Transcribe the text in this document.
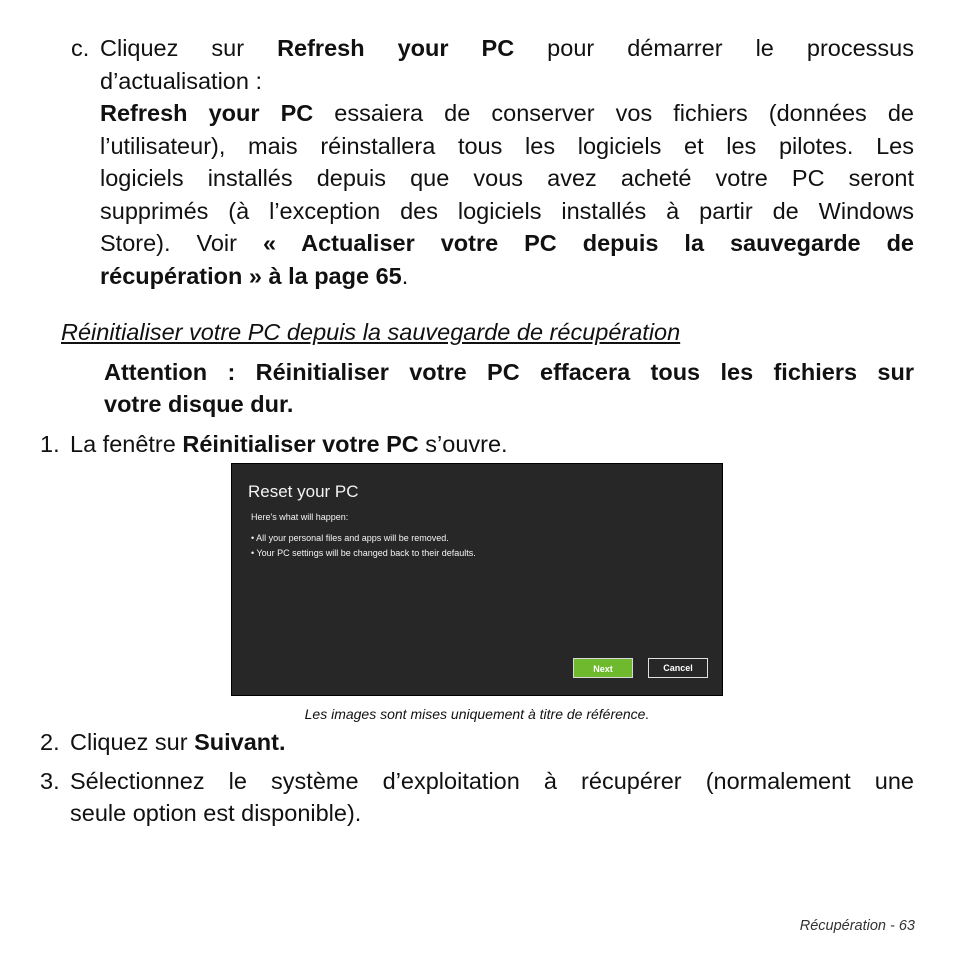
c. Cliquez sur Refresh your PC pour démarrer le processus
d’actualisation :
Refresh your PC essaiera de conserver vos fichiers (données de
l’utilisateur), mais réinstallera tous les logiciels et les pilotes. Les
logiciels installés depuis que vous avez acheté votre PC seront
supprimés (à l’exception des logiciels installés à partir de Windows
Store). Voir « Actualiser votre PC depuis la sauvegarde de
récupération » à la page 65.
Réinitialiser votre PC depuis la sauvegarde de récupération
Attention : Réinitialiser votre PC effacera tous les fichiers sur
votre disque dur.
1. La fenêtre Réinitialiser votre PC s’ouvre.
Reset your PC
Here's what will happen:
• All your personal files and apps will be removed.
• Your PC settings will be changed back to their defaults.
Next	Cancel
Les images sont mises uniquement à titre de référence.
2. Cliquez sur Suivant.
3. Sélectionnez le système d’exploitation à récupérer (normalement une
seule option est disponible).
Récupération - 63
